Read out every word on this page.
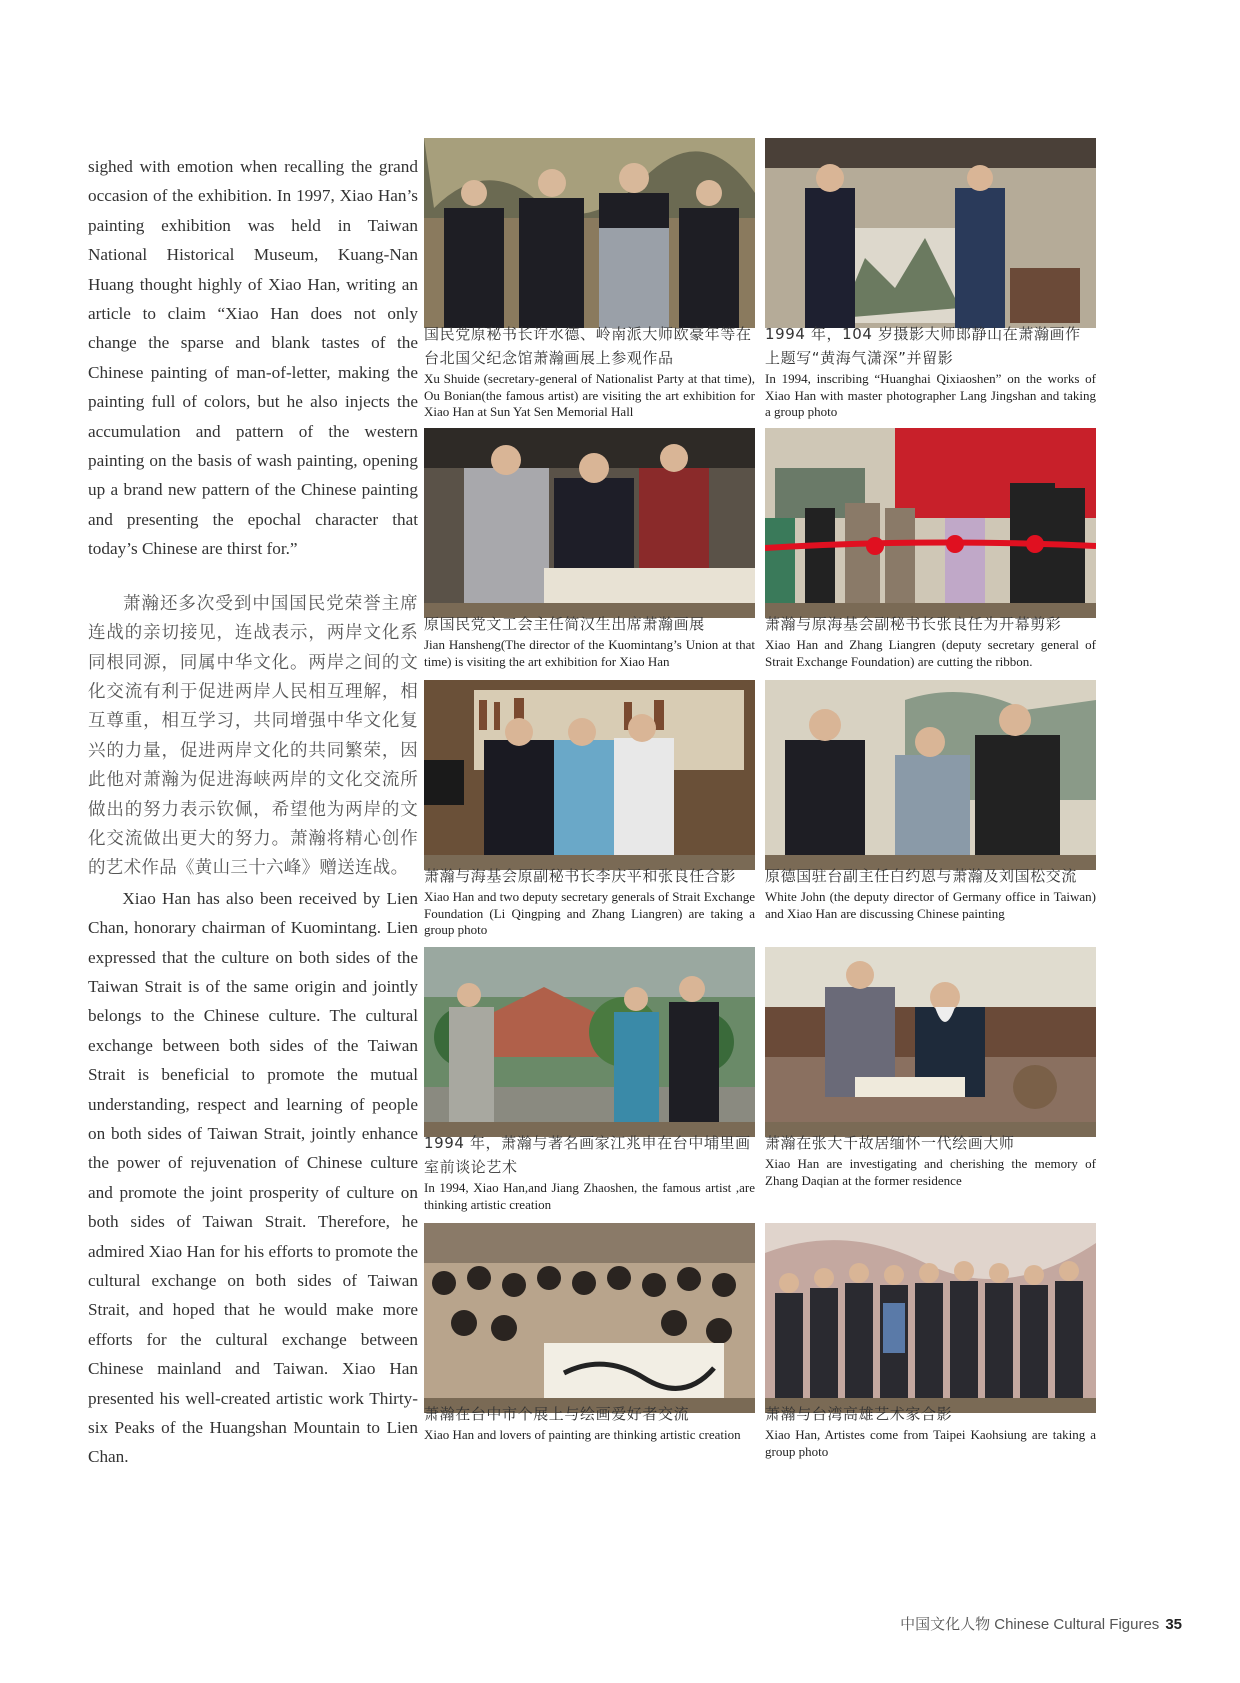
sighed with emotion when recalling the grand occasion of the exhibition. In 1997, Xiao Han’s painting exhibition was held in Taiwan National Historical Museum, Kuang-Nan Huang thought highly of Xiao Han, writing an article to claim “Xiao Han does not only change the sparse and blank tastes of the Chinese painting of man-of-letter, making the painting full of colors, but he also injects the accumulation and pattern of the western painting on the basis of wash painting, opening up a brand new pattern of the Chinese painting and presenting the epochal character that today’s Chinese are thirst for.”

萧瀚还多次受到中国国民党荣誉主席连战的亲切接见，连战表示，两岸文化系同根同源，同属中华文化。两岸之间的文化交流有利于促进两岸人民相互理解，相互尊重，相互学习，共同增强中华文化复兴的力量，促进两岸文化的共同繁荣，因此他对萧瀚为促进海峡两岸的文化交流所做出的努力表示钦佩，希望他为两岸的文化交流做出更大的努力。萧瀚将精心创作的艺术作品《黄山三十六峰》赠送连战。

Xiao Han has also been received by Lien Chan, honorary chairman of Kuomintang. Lien expressed that the culture on both sides of the Taiwan Strait is of the same origin and jointly belongs to the Chinese culture. The cultural exchange between both sides of the Taiwan Strait is beneficial to promote the mutual understanding, respect and learning of people on both sides of Taiwan Strait, jointly enhance the power of rejuvenation of Chinese culture and promote the joint prosperity of culture on both sides of Taiwan Strait. Therefore, he admired Xiao Han for his efforts to promote the cultural exchange on both sides of Taiwan Strait, and hoped that he would make more efforts for the cultural exchange between Chinese mainland and Taiwan. Xiao Han presented his well-created artistic work Thirty-six Peaks of the Huangshan Mountain to Lien Chan.

国民党原秘书长许水德、岭南派大师欧豪年等在台北国父纪念馆萧瀚画展上参观作品
Xu Shuide (secretary-general of Nationalist Party at that time), Ou Bonian(the famous artist) are visiting the art exhibition for Xiao Han at Sun Yat Sen Memorial Hall
1994 年，104 岁摄影大师郎静山在萧瀚画作上题写“黄海气潇深”并留影
In 1994, inscribing “Huanghai Qixiaoshen” on the works of Xiao Han with master photographer Lang Jingshan and taking a group photo
原国民党文工会主任简汉生出席萧瀚画展
Jian Hansheng(The director of the Kuomintang’s Union at that time) is visiting the art exhibition for Xiao Han
萧瀚与原海基会副秘书长张良任为开幕剪彩
Xiao Han and Zhang Liangren (deputy secretary general of Strait Exchange Foundation) are cutting the ribbon.
萧瀚与海基会原副秘书长李庆平和张良任合影
Xiao Han and two deputy secretary generals of Strait Exchange Foundation (Li Qingping and Zhang Liangren) are taking a group photo
原德国驻台副主任白约恩与萧瀚及刘国松交流
White John (the deputy director of Germany office in Taiwan) and Xiao Han are discussing Chinese painting
1994 年，萧瀚与著名画家江兆申在台中埔里画室前谈论艺术
In 1994, Xiao Han,and Jiang Zhaoshen, the famous artist ,are thinking artistic creation
萧瀚在张大千故居缅怀一代绘画大师
Xiao Han are investigating and cherishing the memory of Zhang Daqian at the former residence
萧瀚在台中市个展上与绘画爱好者交流
Xiao Han and lovers of painting are thinking artistic creation
萧瀚与台湾高雄艺术家合影
Xiao Han, Artistes come from Taipei Kaohsiung are taking a group photo
中国文化人物 Chinese Cultural Figures 35
